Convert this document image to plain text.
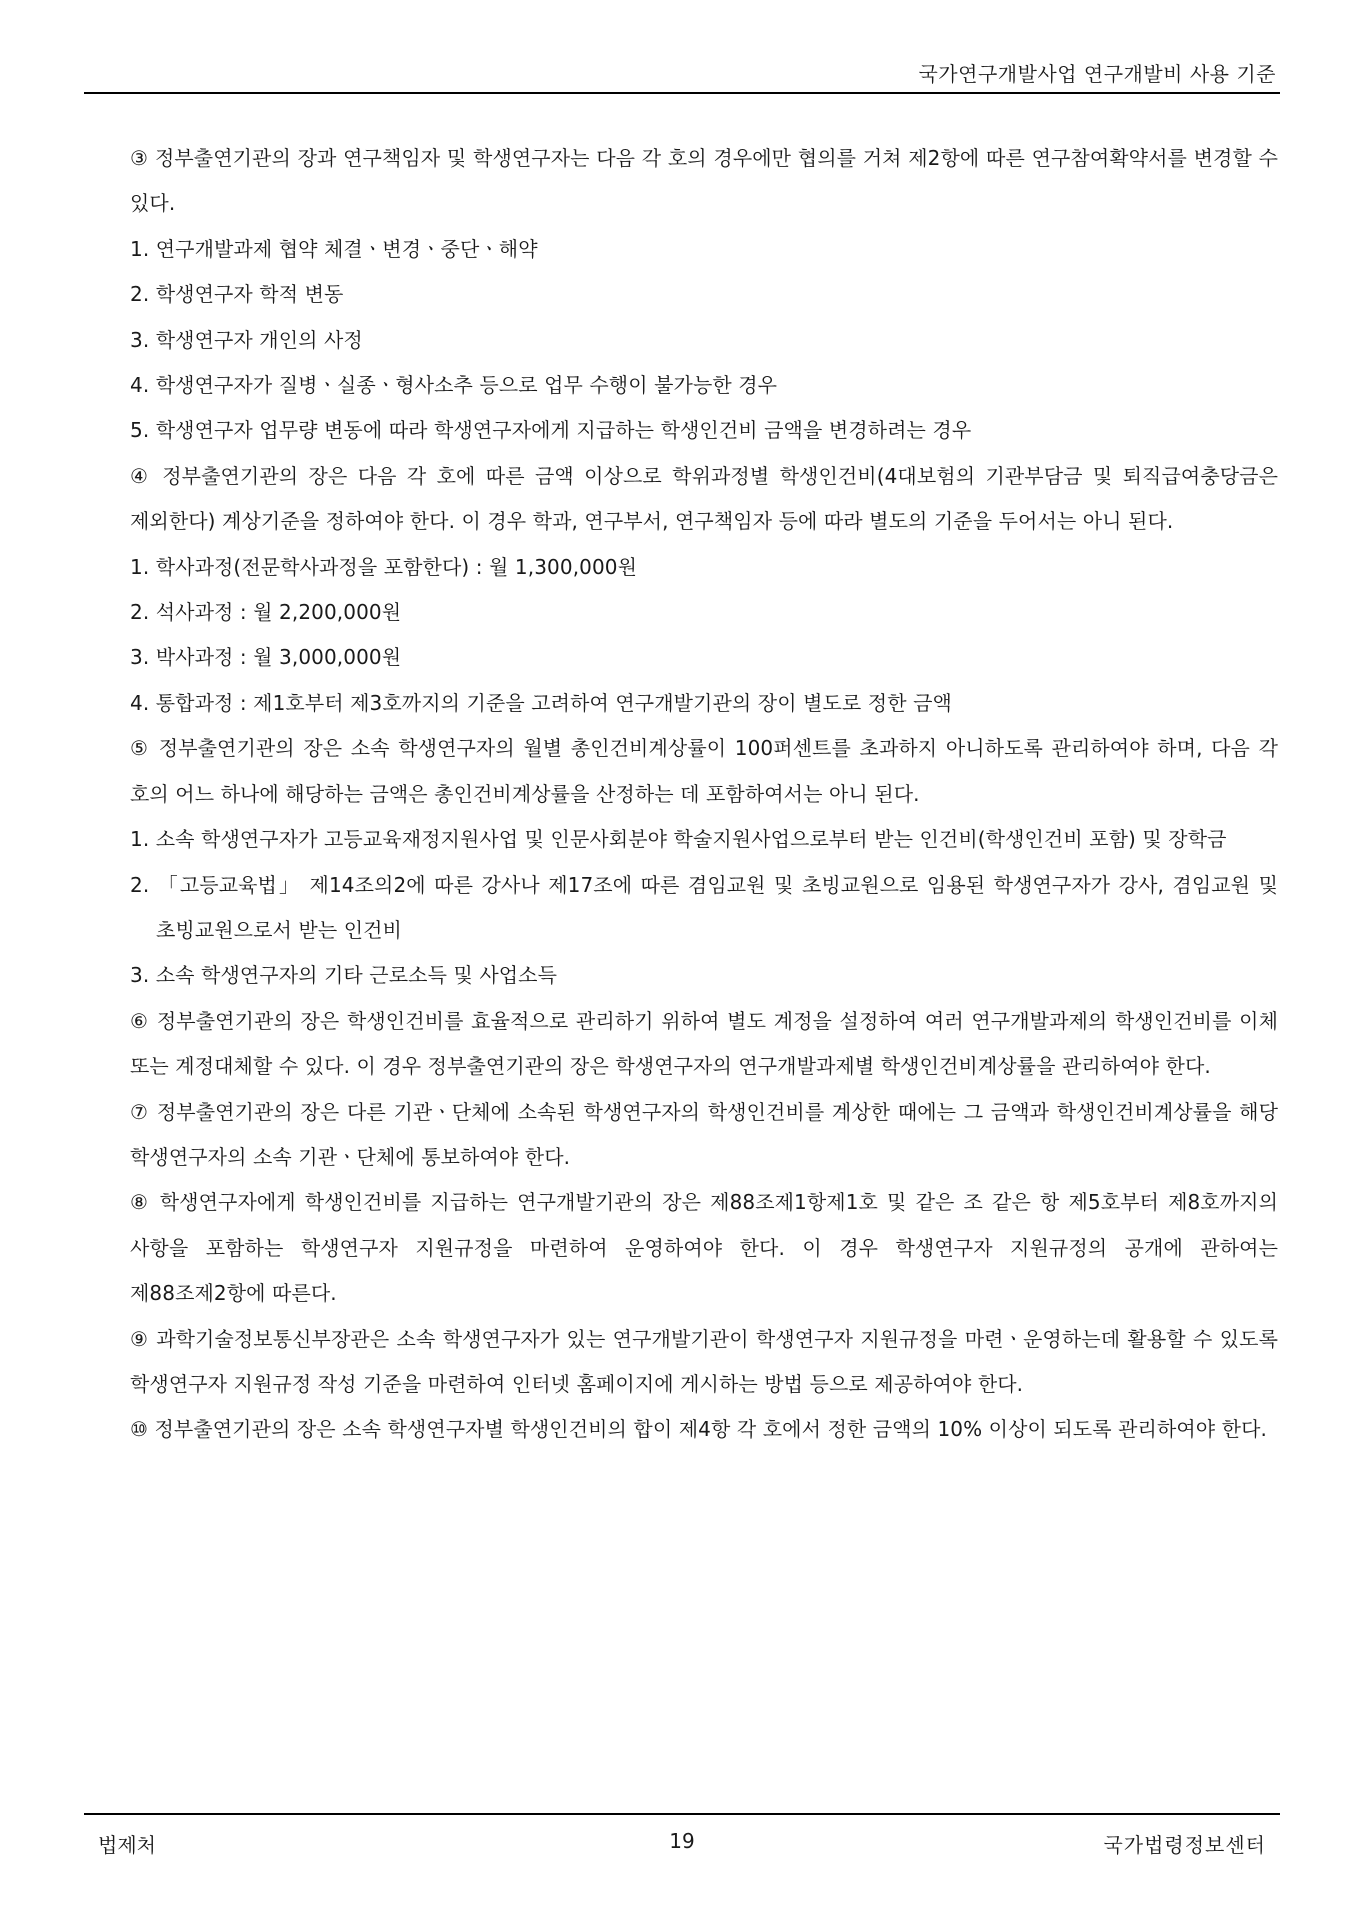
국가연구개발사업 연구개발비 사용 기준

③ 정부출연기관의 장과 연구책임자 및 학생연구자는 다음 각 호의 경우에만 협의를 거쳐 제2항에 따른 연구참여확약서를 변경할 수 있다.

1. 연구개발과제 협약 체결ㆍ변경ㆍ중단ㆍ해약

2. 학생연구자 학적 변동

3. 학생연구자 개인의 사정

4. 학생연구자가 질병ㆍ실종ㆍ형사소추 등으로 업무 수행이 불가능한 경우

5. 학생연구자 업무량 변동에 따라 학생연구자에게 지급하는 학생인건비 금액을 변경하려는 경우

④ 정부출연기관의 장은 다음 각 호에 따른 금액 이상으로 학위과정별 학생인건비(4대보험의 기관부담금 및 퇴직급여충당금은 제외한다) 계상기준을 정하여야 한다. 이 경우 학과, 연구부서, 연구책임자 등에 따라 별도의 기준을 두어서는 아니 된다.

1. 학사과정(전문학사과정을 포함한다) : 월 1,300,000원

2. 석사과정 : 월 2,200,000원

3. 박사과정 : 월 3,000,000원

4. 통합과정 : 제1호부터 제3호까지의 기준을 고려하여 연구개발기관의 장이 별도로 정한 금액

⑤ 정부출연기관의 장은 소속 학생연구자의 월별 총인건비계상률이 100퍼센트를 초과하지 아니하도록 관리하여야 하며, 다음 각 호의 어느 하나에 해당하는 금액은 총인건비계상률을 산정하는 데 포함하여서는 아니 된다.

1. 소속 학생연구자가 고등교육재정지원사업 및 인문사회분야 학술지원사업으로부터 받는 인건비(학생인건비 포함) 및 장학금

2. 「고등교육법」 제14조의2에 따른 강사나 제17조에 따른 겸임교원 및 초빙교원으로 임용된 학생연구자가 강사, 겸임교원 및 초빙교원으로서 받는 인건비

3. 소속 학생연구자의 기타 근로소득 및 사업소득

⑥ 정부출연기관의 장은 학생인건비를 효율적으로 관리하기 위하여 별도 계정을 설정하여 여러 연구개발과제의 학생인건비를 이체 또는 계정대체할 수 있다. 이 경우 정부출연기관의 장은 학생연구자의 연구개발과제별 학생인건비계상률을 관리하여야 한다.

⑦ 정부출연기관의 장은 다른 기관ㆍ단체에 소속된 학생연구자의 학생인건비를 계상한 때에는 그 금액과 학생인건비계상률을 해당 학생연구자의 소속 기관ㆍ단체에 통보하여야 한다.

⑧ 학생연구자에게 학생인건비를 지급하는 연구개발기관의 장은 제88조제1항제1호 및 같은 조 같은 항 제5호부터 제8호까지의 사항을 포함하는 학생연구자 지원규정을 마련하여 운영하여야 한다. 이 경우 학생연구자 지원규정의 공개에 관하여는 제88조제2항에 따른다.

⑨ 과학기술정보통신부장관은 소속 학생연구자가 있는 연구개발기관이 학생연구자 지원규정을 마련ㆍ운영하는데 활용할 수 있도록 학생연구자 지원규정 작성 기준을 마련하여 인터넷 홈페이지에 게시하는 방법 등으로 제공하여야 한다.

⑩ 정부출연기관의 장은 소속 학생연구자별 학생인건비의 합이 제4항 각 호에서 정한 금액의 10% 이상이 되도록 관리하여야 한다.

법제처	19	국가법령정보센터
